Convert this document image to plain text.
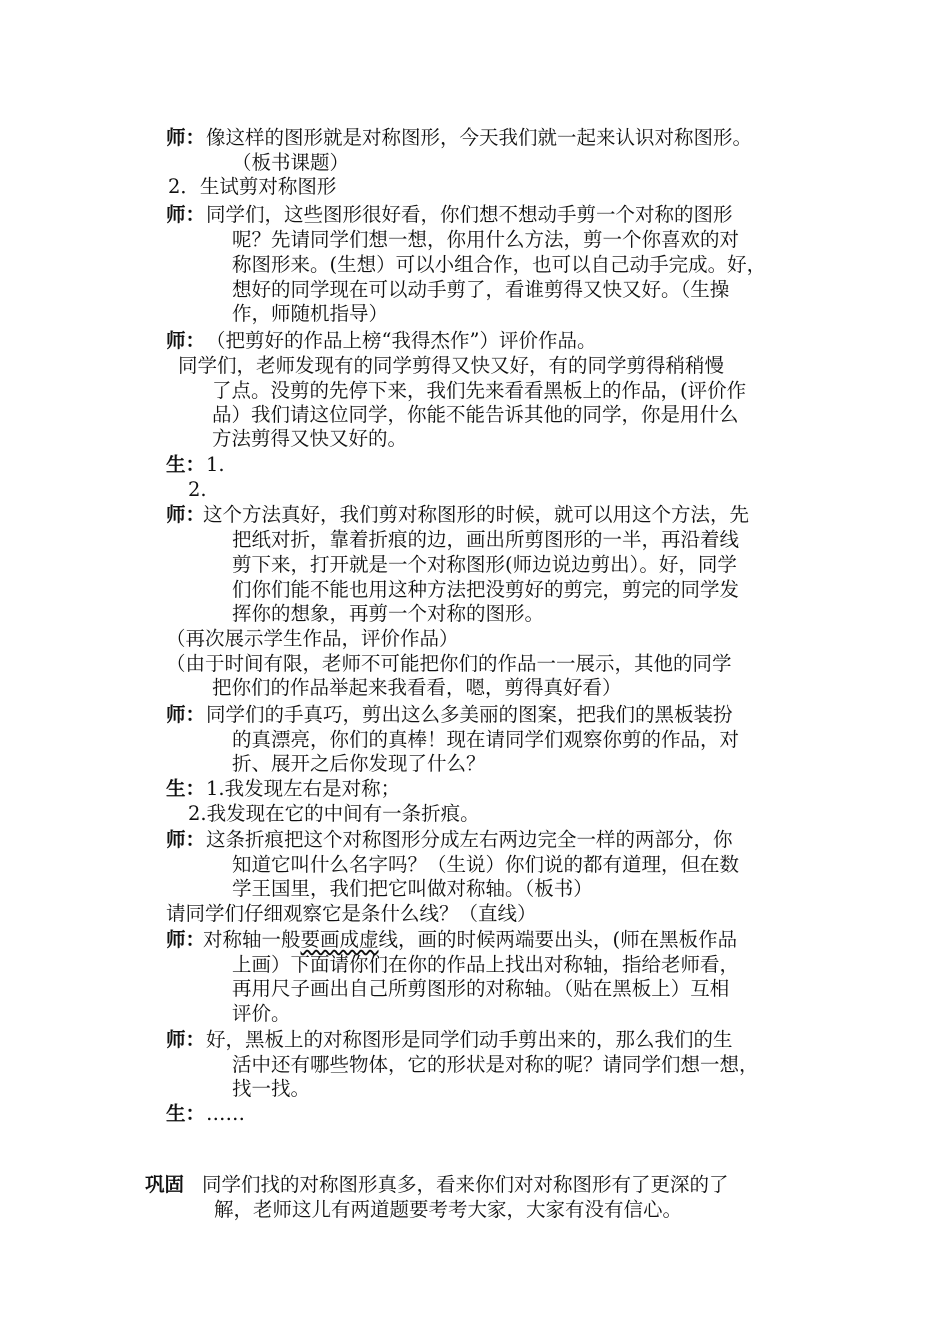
师： 像这样的图形就是对称图形，今天我们就一起来认识对称图形。
（板书课题）
2．生试剪对称图形
师： 同学们，这些图形很好看，你们想不想动手剪一个对称的图形
呢？先请同学们想一想，你用什么方法，剪一个你喜欢的对
称图形来。(生想）可以小组合作，也可以自己动手完成。好，
想好的同学现在可以动手剪了，看谁剪得又快又好。（生操
作，师随机指导）
师： （把剪好的作品上榜“我得杰作”）评价作品。
同学们，老师发现有的同学剪得又快又好，有的同学剪得稍稍慢
了点。没剪的先停下来，我们先来看看黑板上的作品，(评价作
品）我们请这位同学，你能不能告诉其他的同学，你是用什么
方法剪得又快又好的。
生： 1.
2.
师：
这个方法真好，我们剪对称图形的时候，就可以用这个方法，先
把纸对折，靠着折痕的边，画出所剪图形的一半，再沿着线
剪下来，打开就是一个对称图形(师边说边剪出）。好，同学
们你们能不能也用这种方法把没剪好的剪完，剪完的同学发
挥你的想象，再剪一个对称的图形。
（再次展示学生作品，评价作品）
（由于时间有限，老师不可能把你们的作品一一展示，其他的同学
把你们的作品举起来我看看，嗯，剪得真好看）
师： 同学们的手真巧，剪出这么多美丽的图案，把我们的黑板装扮
的真漂亮，你们的真棒！现在请同学们观察你剪的作品，对
折、展开之后你发现了什么？
生： 1.我发现左右是对称；
2.我发现在它的中间有一条折痕。
师： 这条折痕把这个对称图形分成左右两边完全一样的两部分，你
知道它叫什么名字吗？（生说）你们说的都有道理，但在数
学王国里，我们把它叫做对称轴。（板书）
请同学们仔细观察它是条什么线？（直线）
师：
对称轴一般要画成虚线，画的时候两端要出头，(师在黑板作品
上画）下面请你们在你的作品上找出对称轴，指给老师看，
再用尺子画出自己所剪图形的对称轴。（贴在黑板上）互相
评价。
师： 好，黑板上的对称图形是同学们动手剪出来的，那么我们的生
活中还有哪些物体，它的形状是对称的呢？请同学们想一想，
找一找。
生： ……
巩固 同学们找的对称图形真多，看来你们对对称图形有了更深的了
解，老师这儿有两道题要考考大家，大家有没有信心。
